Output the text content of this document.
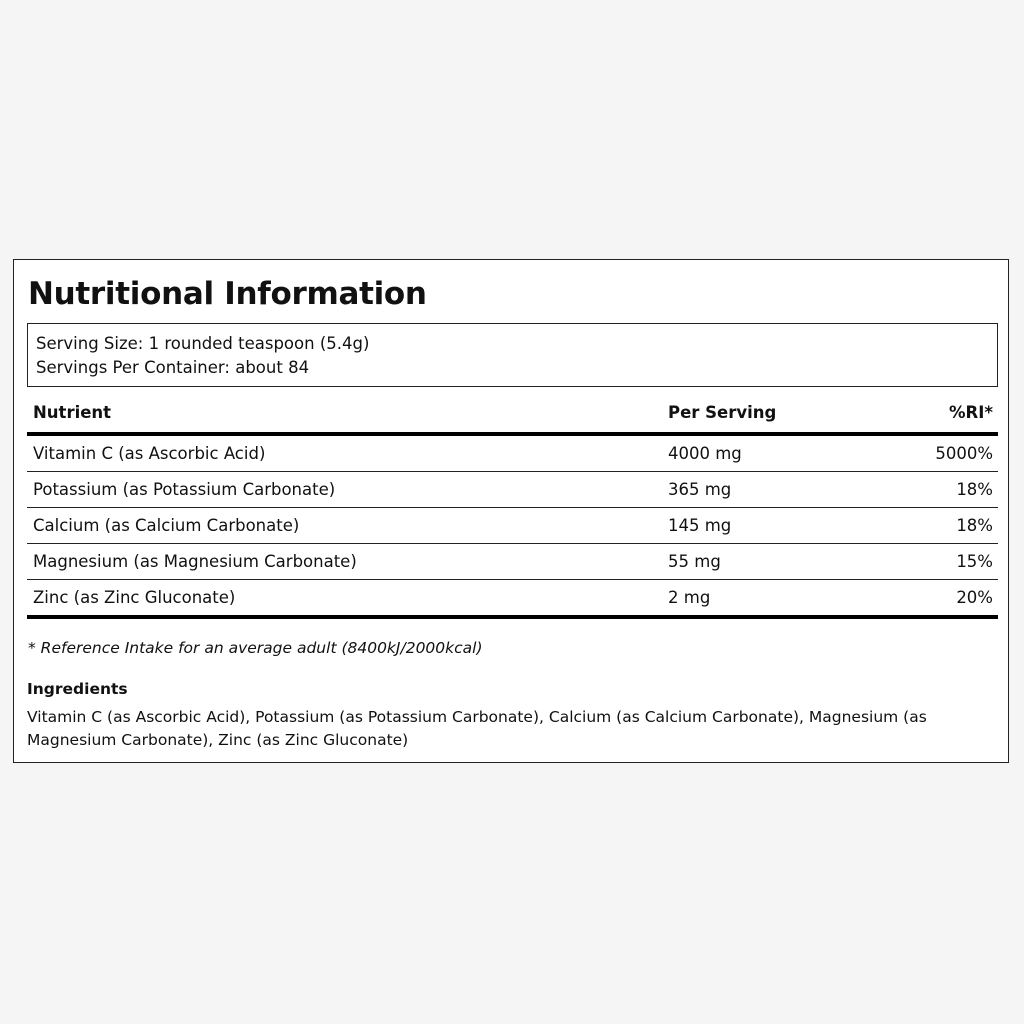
Nutritional Information
Serving Size: 1 rounded teaspoon (5.4g)
Servings Per Container: about 84
Nutrient	Per Serving	%RI*
Vitamin C (as Ascorbic Acid)	4000 mg	5000%
Potassium (as Potassium Carbonate)	365 mg	18%
Calcium (as Calcium Carbonate)	145 mg	18%
Magnesium (as Magnesium Carbonate)	55 mg	15%
Zinc (as Zinc Gluconate)	2 mg	20%
* Reference Intake for an average adult (8400kJ/2000kcal)
Ingredients
Vitamin C (as Ascorbic Acid), Potassium (as Potassium Carbonate), Calcium (as Calcium Carbonate), Magnesium (as Magnesium Carbonate), Zinc (as Zinc Gluconate)
